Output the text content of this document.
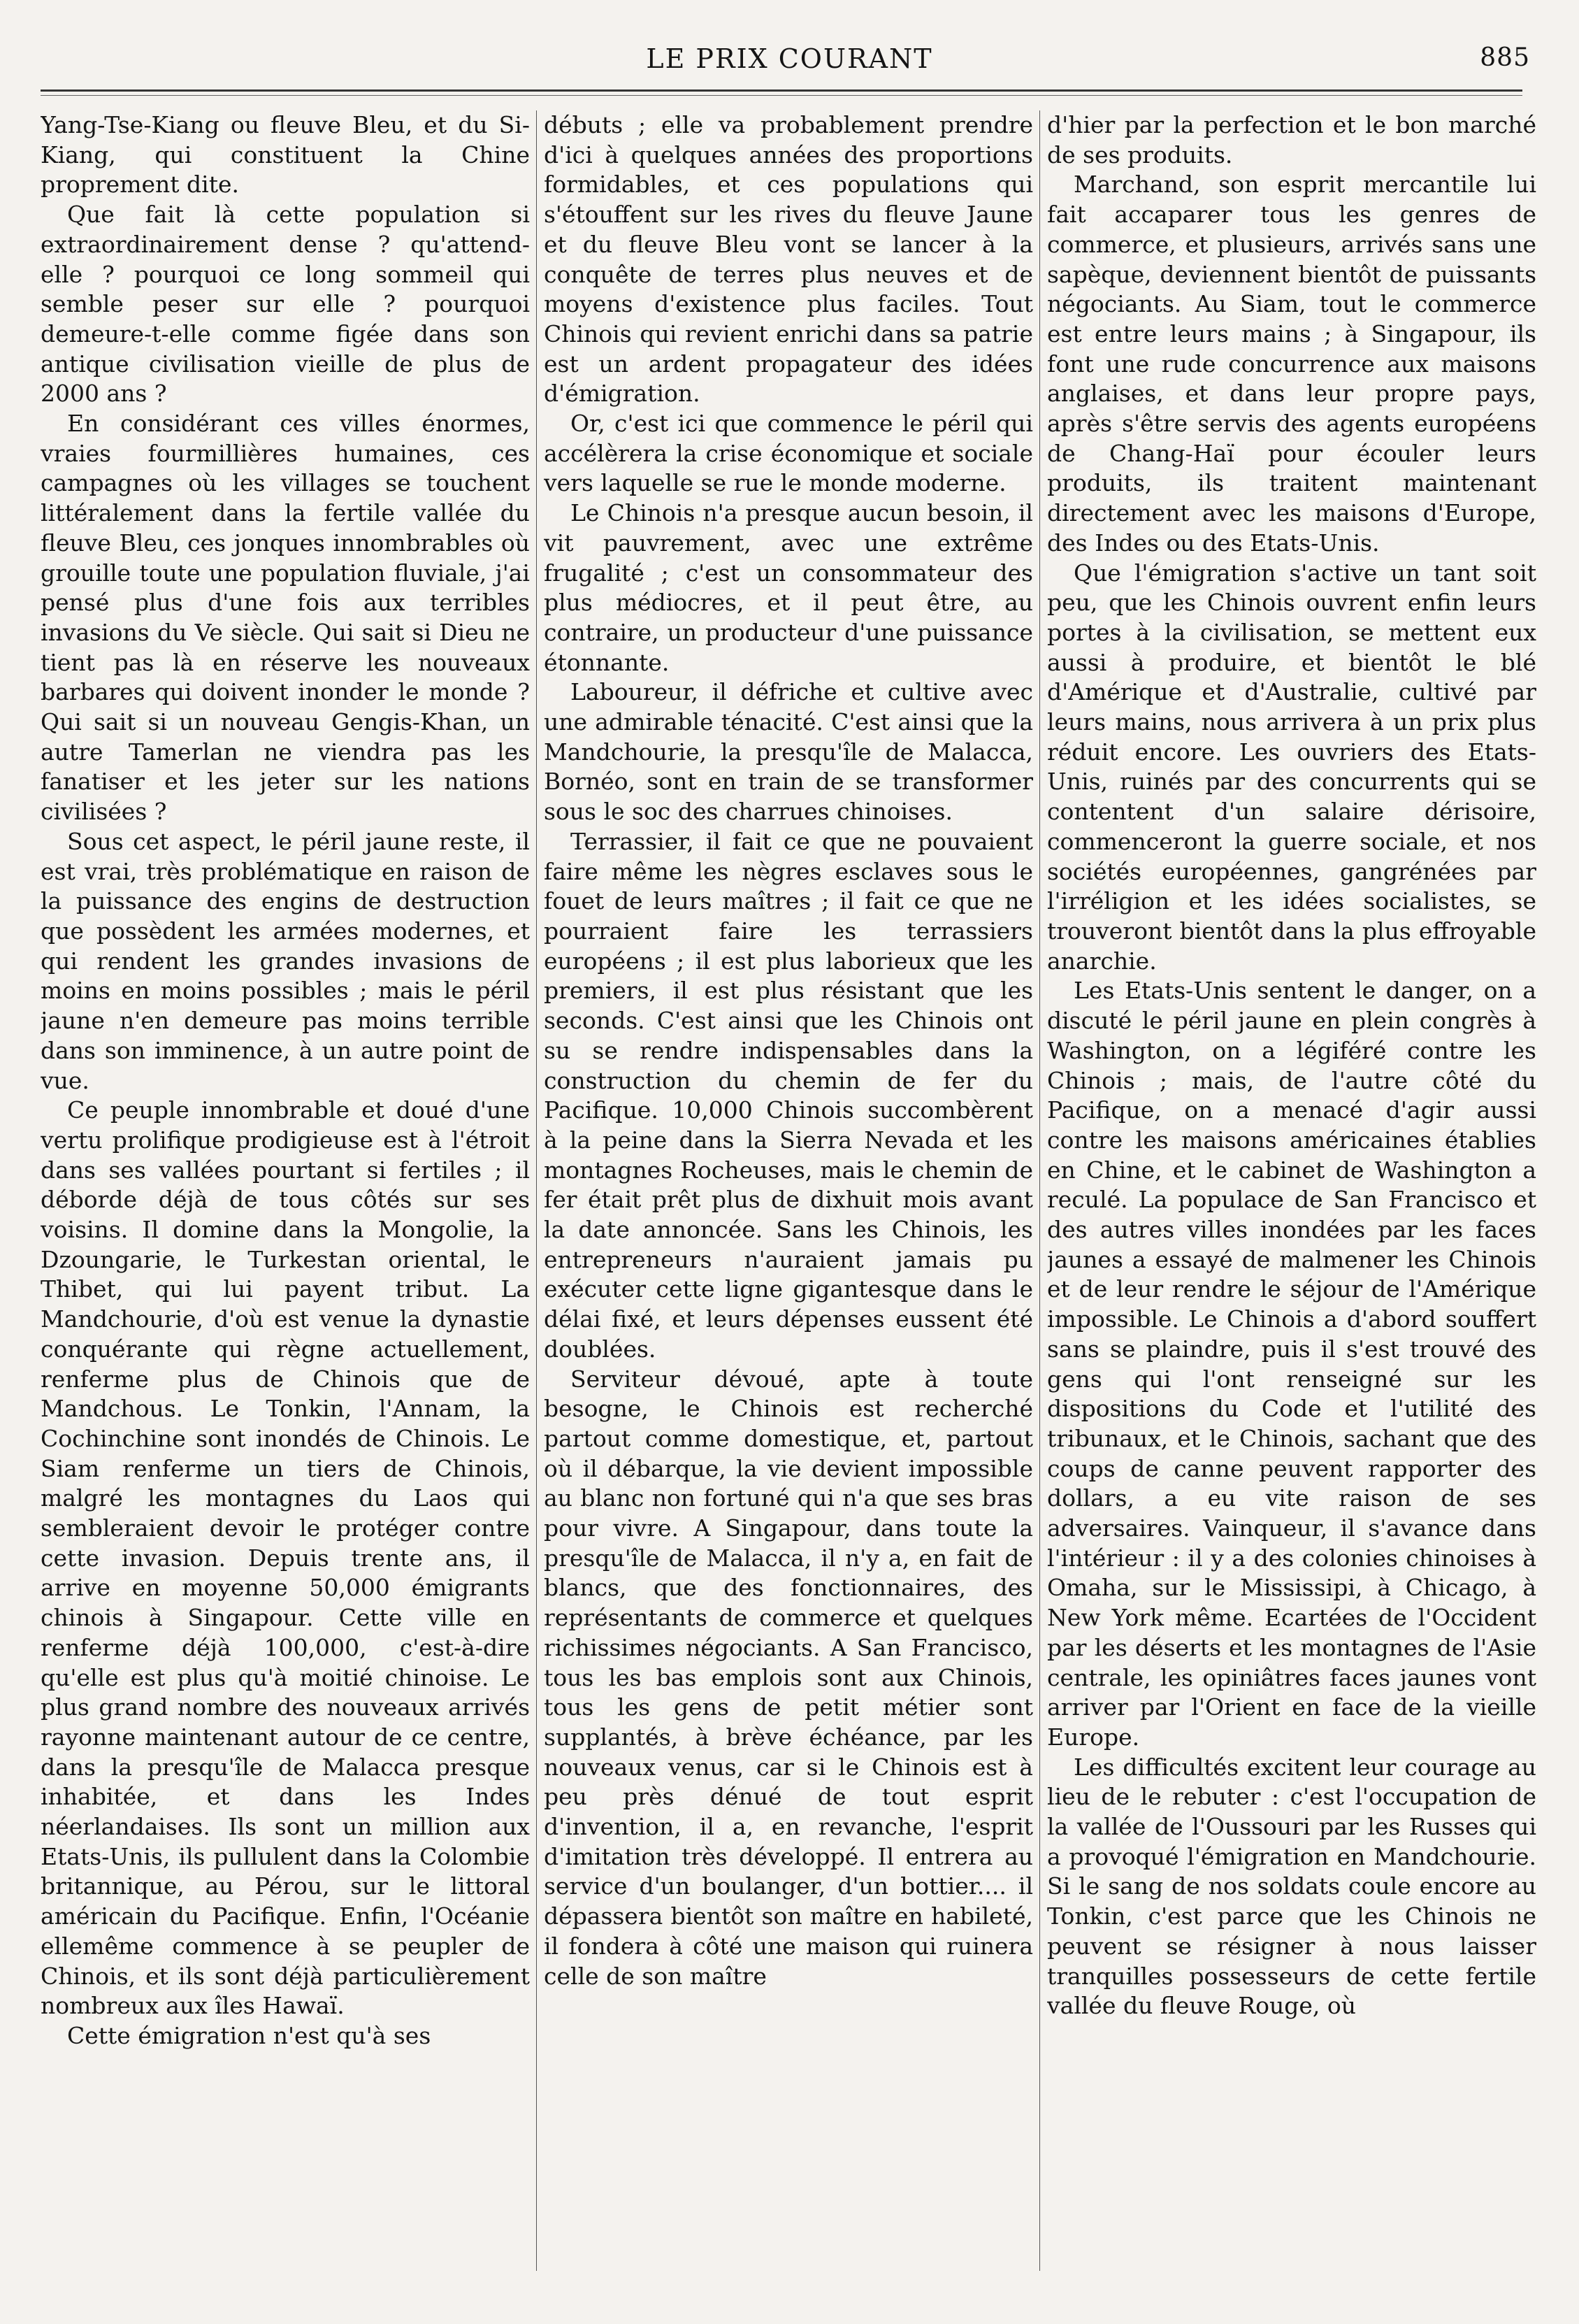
LE PRIX COURANT	885

Yang-Tse-Kiang ou fleuve Bleu, et du Si-Kiang, qui constituent la Chine proprement dite.

Que fait là cette population si extraordinairement dense ? qu'attend-elle ? pourquoi ce long sommeil qui semble peser sur elle ? pourquoi demeure-t-elle comme figée dans son antique civilisation vieille de plus de 2000 ans ?

En considérant ces villes énormes, vraies fourmillières humaines, ces campagnes où les villages se touchent littéralement dans la fertile vallée du fleuve Bleu, ces jonques innombrables où grouille toute une population fluviale, j'ai pensé plus d'une fois aux terribles invasions du Ve siècle. Qui sait si Dieu ne tient pas là en réserve les nouveaux barbares qui doivent inonder le monde ? Qui sait si un nouveau Gengis-Khan, un autre Tamerlan ne viendra pas les fanatiser et les jeter sur les nations civilisées ?

Sous cet aspect, le péril jaune reste, il est vrai, très problématique en raison de la puissance des engins de destruction que possèdent les armées modernes, et qui rendent les grandes invasions de moins en moins possibles ; mais le péril jaune n'en demeure pas moins terrible dans son imminence, à un autre point de vue.

Ce peuple innombrable et doué d'une vertu prolifique prodigieuse est à l'étroit dans ses vallées pourtant si fertiles ; il déborde déjà de tous côtés sur ses voisins. Il domine dans la Mongolie, la Dzoungarie, le Turkestan oriental, le Thibet, qui lui payent tribut. La Mandchourie, d'où est venue la dynastie conquérante qui règne actuellement, renferme plus de Chinois que de Mandchous. Le Tonkin, l'Annam, la Cochinchine sont inondés de Chinois. Le Siam renferme un tiers de Chinois, malgré les montagnes du Laos qui sembleraient devoir le protéger contre cette invasion. Depuis trente ans, il arrive en moyenne 50,000 émigrants chinois à Singapour. Cette ville en renferme déjà 100,000, c'est-à-dire qu'elle est plus qu'à moitié chinoise. Le plus grand nombre des nouveaux arrivés rayonne maintenant autour de ce centre, dans la presqu'île de Malacca presque inhabitée, et dans les Indes néerlandaises. Ils sont un million aux Etats-Unis, ils pullulent dans la Colombie britannique, au Pérou, sur le littoral américain du Pacifique. Enfin, l'Océanie ellemême commence à se peupler de Chinois, et ils sont déjà particulièrement nombreux aux îles Hawaï.

Cette émigration n'est qu'à ses

débuts ; elle va probablement prendre d'ici à quelques années des proportions formidables, et ces populations qui s'étouffent sur les rives du fleuve Jaune et du fleuve Bleu vont se lancer à la conquête de terres plus neuves et de moyens d'existence plus faciles. Tout Chinois qui revient enrichi dans sa patrie est un ardent propagateur des idées d'émigration.

Or, c'est ici que commence le péril qui accélèrera la crise économique et sociale vers laquelle se rue le monde moderne.

Le Chinois n'a presque aucun besoin, il vit pauvrement, avec une extrême frugalité ; c'est un consommateur des plus médiocres, et il peut être, au contraire, un producteur d'une puissance étonnante.

Laboureur, il défriche et cultive avec une admirable ténacité. C'est ainsi que la Mandchourie, la presqu'île de Malacca, Bornéo, sont en train de se transformer sous le soc des charrues chinoises.

Terrassier, il fait ce que ne pouvaient faire même les nègres esclaves sous le fouet de leurs maîtres ; il fait ce que ne pourraient faire les terrassiers européens ; il est plus laborieux que les premiers, il est plus résistant que les seconds. C'est ainsi que les Chinois ont su se rendre indispensables dans la construction du chemin de fer du Pacifique. 10,000 Chinois succombèrent à la peine dans la Sierra Nevada et les montagnes Rocheuses, mais le chemin de fer était prêt plus de dixhuit mois avant la date annoncée. Sans les Chinois, les entrepreneurs n'auraient jamais pu exécuter cette ligne gigantesque dans le délai fixé, et leurs dépenses eussent été doublées.

Serviteur dévoué, apte à toute besogne, le Chinois est recherché partout comme domestique, et, partout où il débarque, la vie devient impossible au blanc non fortuné qui n'a que ses bras pour vivre. A Singapour, dans toute la presqu'île de Malacca, il n'y a, en fait de blancs, que des fonctionnaires, des représentants de commerce et quelques richissimes négociants. A San Francisco, tous les bas emplois sont aux Chinois, tous les gens de petit métier sont supplantés, à brève échéance, par les nouveaux venus, car si le Chinois est à peu près dénué de tout esprit d'invention, il a, en revanche, l'esprit d'imitation très développé. Il entrera au service d'un boulanger, d'un bottier.... il dépassera bientôt son maître en habileté, il fondera à côté une maison qui ruinera celle de son maître

d'hier par la perfection et le bon marché de ses produits.

Marchand, son esprit mercantile lui fait accaparer tous les genres de commerce, et plusieurs, arrivés sans une sapèque, deviennent bientôt de puissants négociants. Au Siam, tout le commerce est entre leurs mains ; à Singapour, ils font une rude concurrence aux maisons anglaises, et dans leur propre pays, après s'être servis des agents européens de Chang-Haï pour écouler leurs produits, ils traitent maintenant directement avec les maisons d'Europe, des Indes ou des Etats-Unis.

Que l'émigration s'active un tant soit peu, que les Chinois ouvrent enfin leurs portes à la civilisation, se mettent eux aussi à produire, et bientôt le blé d'Amérique et d'Australie, cultivé par leurs mains, nous arrivera à un prix plus réduit encore. Les ouvriers des Etats-Unis, ruinés par des concurrents qui se contentent d'un salaire dérisoire, commenceront la guerre sociale, et nos sociétés européennes, gangrénées par l'irréligion et les idées socialistes, se trouveront bientôt dans la plus effroyable anarchie.

Les Etats-Unis sentent le danger, on a discuté le péril jaune en plein congrès à Washington, on a légiféré contre les Chinois ; mais, de l'autre côté du Pacifique, on a menacé d'agir aussi contre les maisons américaines établies en Chine, et le cabinet de Washington a reculé. La populace de San Francisco et des autres villes inondées par les faces jaunes a essayé de malmener les Chinois et de leur rendre le séjour de l'Amérique impossible. Le Chinois a d'abord souffert sans se plaindre, puis il s'est trouvé des gens qui l'ont renseigné sur les dispositions du Code et l'utilité des tribunaux, et le Chinois, sachant que des coups de canne peuvent rapporter des dollars, a eu vite raison de ses adversaires. Vainqueur, il s'avance dans l'intérieur : il y a des colonies chinoises à Omaha, sur le Mississipi, à Chicago, à New York même. Ecartées de l'Occident par les déserts et les montagnes de l'Asie centrale, les opiniâtres faces jaunes vont arriver par l'Orient en face de la vieille Europe.

Les difficultés excitent leur courage au lieu de le rebuter : c'est l'occupation de la vallée de l'Oussouri par les Russes qui a provoqué l'émigration en Mandchourie. Si le sang de nos soldats coule encore au Tonkin, c'est parce que les Chinois ne peuvent se résigner à nous laisser tranquilles possesseurs de cette fertile vallée du fleuve Rouge, où
